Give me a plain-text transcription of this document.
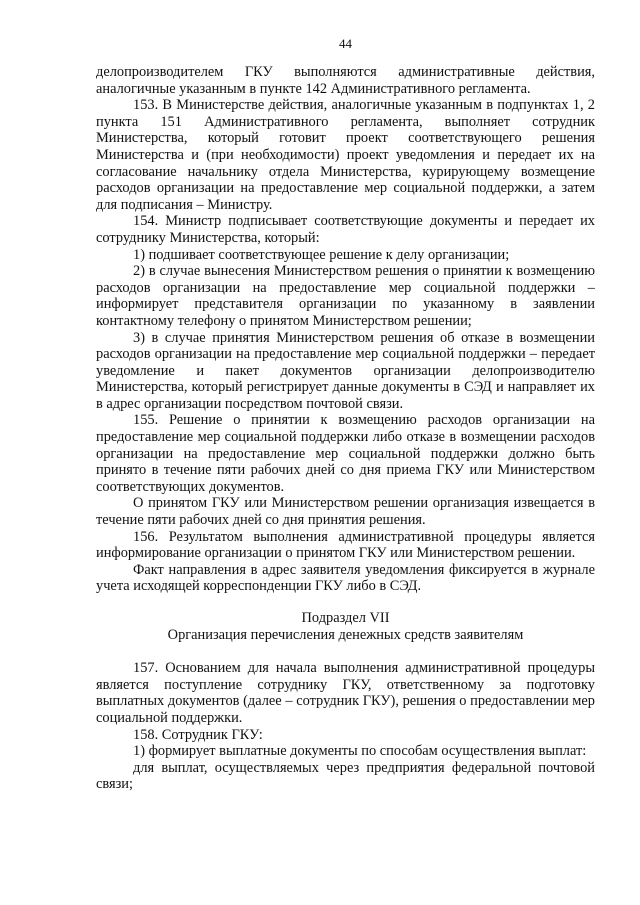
44

делопроизводителем ГКУ выполняются административные действия, аналогичные указанным в пункте 142 Административного регламента.

153. В Министерстве действия, аналогичные указанным в подпунктах 1, 2 пункта 151 Административного регламента, выполняет сотрудник Министерства, который готовит проект соответствующего решения Министерства и (при необходимости) проект уведомления и передает их на согласование начальнику отдела Министерства, курирующему возмещение расходов организации на предоставление мер социальной поддержки, а затем для подписания – Министру.

154. Министр подписывает соответствующие документы и передает их сотруднику Министерства, который:

1) подшивает соответствующее решение к делу организации;

2) в случае вынесения Министерством решения о принятии к возмещению расходов организации на предоставление мер социальной поддержки – информирует представителя организации по указанному в заявлении контактному телефону о принятом Министерством решении;

3) в случае принятия Министерством решения об отказе в возмещении расходов организации на предоставление мер социальной поддержки – передает уведомление и пакет документов организации делопроизводителю Министерства, который регистрирует данные документы в СЭД и направляет их в адрес организации посредством почтовой связи.

155. Решение о принятии к возмещению расходов организации на предоставление мер социальной поддержки либо отказе в возмещении расходов организации на предоставление мер социальной поддержки должно быть принято в течение пяти рабочих дней со дня приема ГКУ или Министерством соответствующих документов.

О принятом ГКУ или Министерством решении организация извещается в течение пяти рабочих дней со дня принятия решения.

156. Результатом выполнения административной процедуры является информирование организации о принятом ГКУ или Министерством решении.

Факт направления в адрес заявителя уведомления фиксируется в журнале учета исходящей корреспонденции ГКУ либо в СЭД.

Подраздел VII

Организация перечисления денежных средств заявителям

157. Основанием для начала выполнения административной процедуры является поступление сотруднику ГКУ, ответственному за подготовку выплатных документов (далее – сотрудник ГКУ), решения о предоставлении мер социальной поддержки.

158. Сотрудник ГКУ:

1) формирует выплатные документы по способам осуществления выплат:

для выплат, осуществляемых через предприятия федеральной почтовой связи;
